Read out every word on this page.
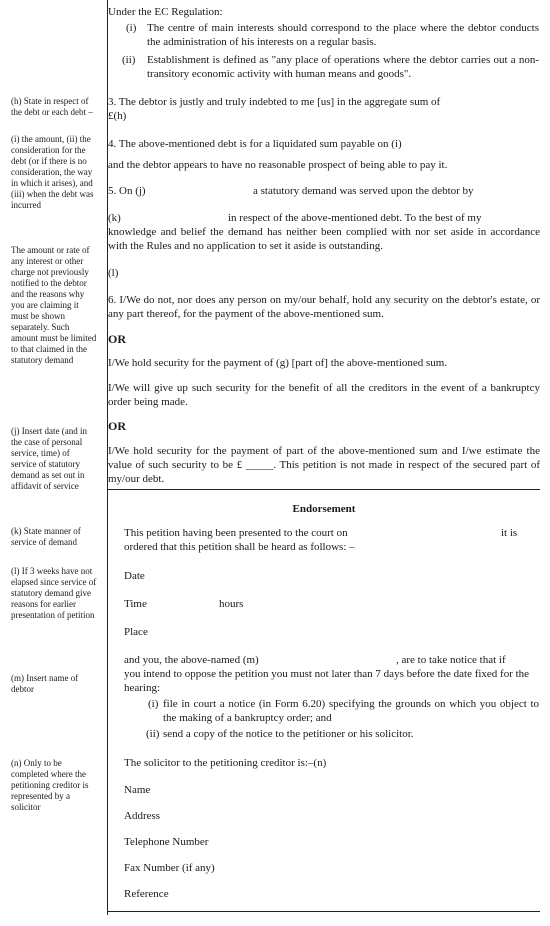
(h) State in respect of the debt or each debt –
(i) the amount, (ii) the consideration for the debt (or if there is no consideration, the way in which it arises), and (iii) when the debt was incurred
The amount or rate of any interest or other charge not previously notified to the debtor and the reasons why you are claiming it must be shown separately. Such amount must be limited to that claimed in the statutory demand
(j) Insert date (and in the case of personal service, time) of service of statutory demand as set out in affidavit of service
(k) State manner of service of demand
(l) If 3 weeks have not elapsed since service of statutory demand give reasons for earlier presentation of petition
(m) Insert name of debtor
(n) Only to be completed where the petitioning creditor is represented by a solicitor
Under the EC Regulation:
(i) The centre of main interests should correspond to the place where the debtor conducts the administration of his interests on a regular basis.
(ii) Establishment is defined as "any place of operations where the debtor carries out a non-transitory economic activity with human means and goods".
3. The debtor is justly and truly indebted to me [us] in the aggregate sum of
£(h)
4. The above-mentioned debt is for a liquidated sum payable on (i)
and the debtor appears to have no reasonable prospect of being able to pay it.
5. On (j)	a statutory demand was served upon the debtor by
(k)	in respect of the above-mentioned debt. To the best of my
knowledge and belief the demand has neither been complied with nor set aside in accordance with the Rules and no application to set it aside is outstanding.
(l)
6. I/We do not, nor does any person on my/our behalf, hold any security on the debtor's estate, or any part thereof, for the payment of the above-mentioned sum.
OR
I/We hold security for the payment of (g) [part of] the above-mentioned sum.
I/We will give up such security for the benefit of all the creditors in the event of a bankruptcy order being made.
OR
I/We hold security for the payment of part of the above-mentioned sum and I/we estimate the value of such security to be £ _____. This petition is not made in respect of the secured part of my/our debt.
Endorsement
This petition having been presented to the court on	it is
ordered that this petition shall be heard as follows: –
Date
Time	hours
Place
and you, the above-named (m)	, are to take notice that if
you intend to oppose the petition you must not later than 7 days before the date fixed for the hearing:
(i) file in court a notice (in Form 6.20) specifying the grounds on which you object to the making of a bankruptcy order; and
(ii) send a copy of the notice to the petitioner or his solicitor.
The solicitor to the petitioning creditor is:–(n)
Name
Address
Telephone Number
Fax Number (if any)
Reference
